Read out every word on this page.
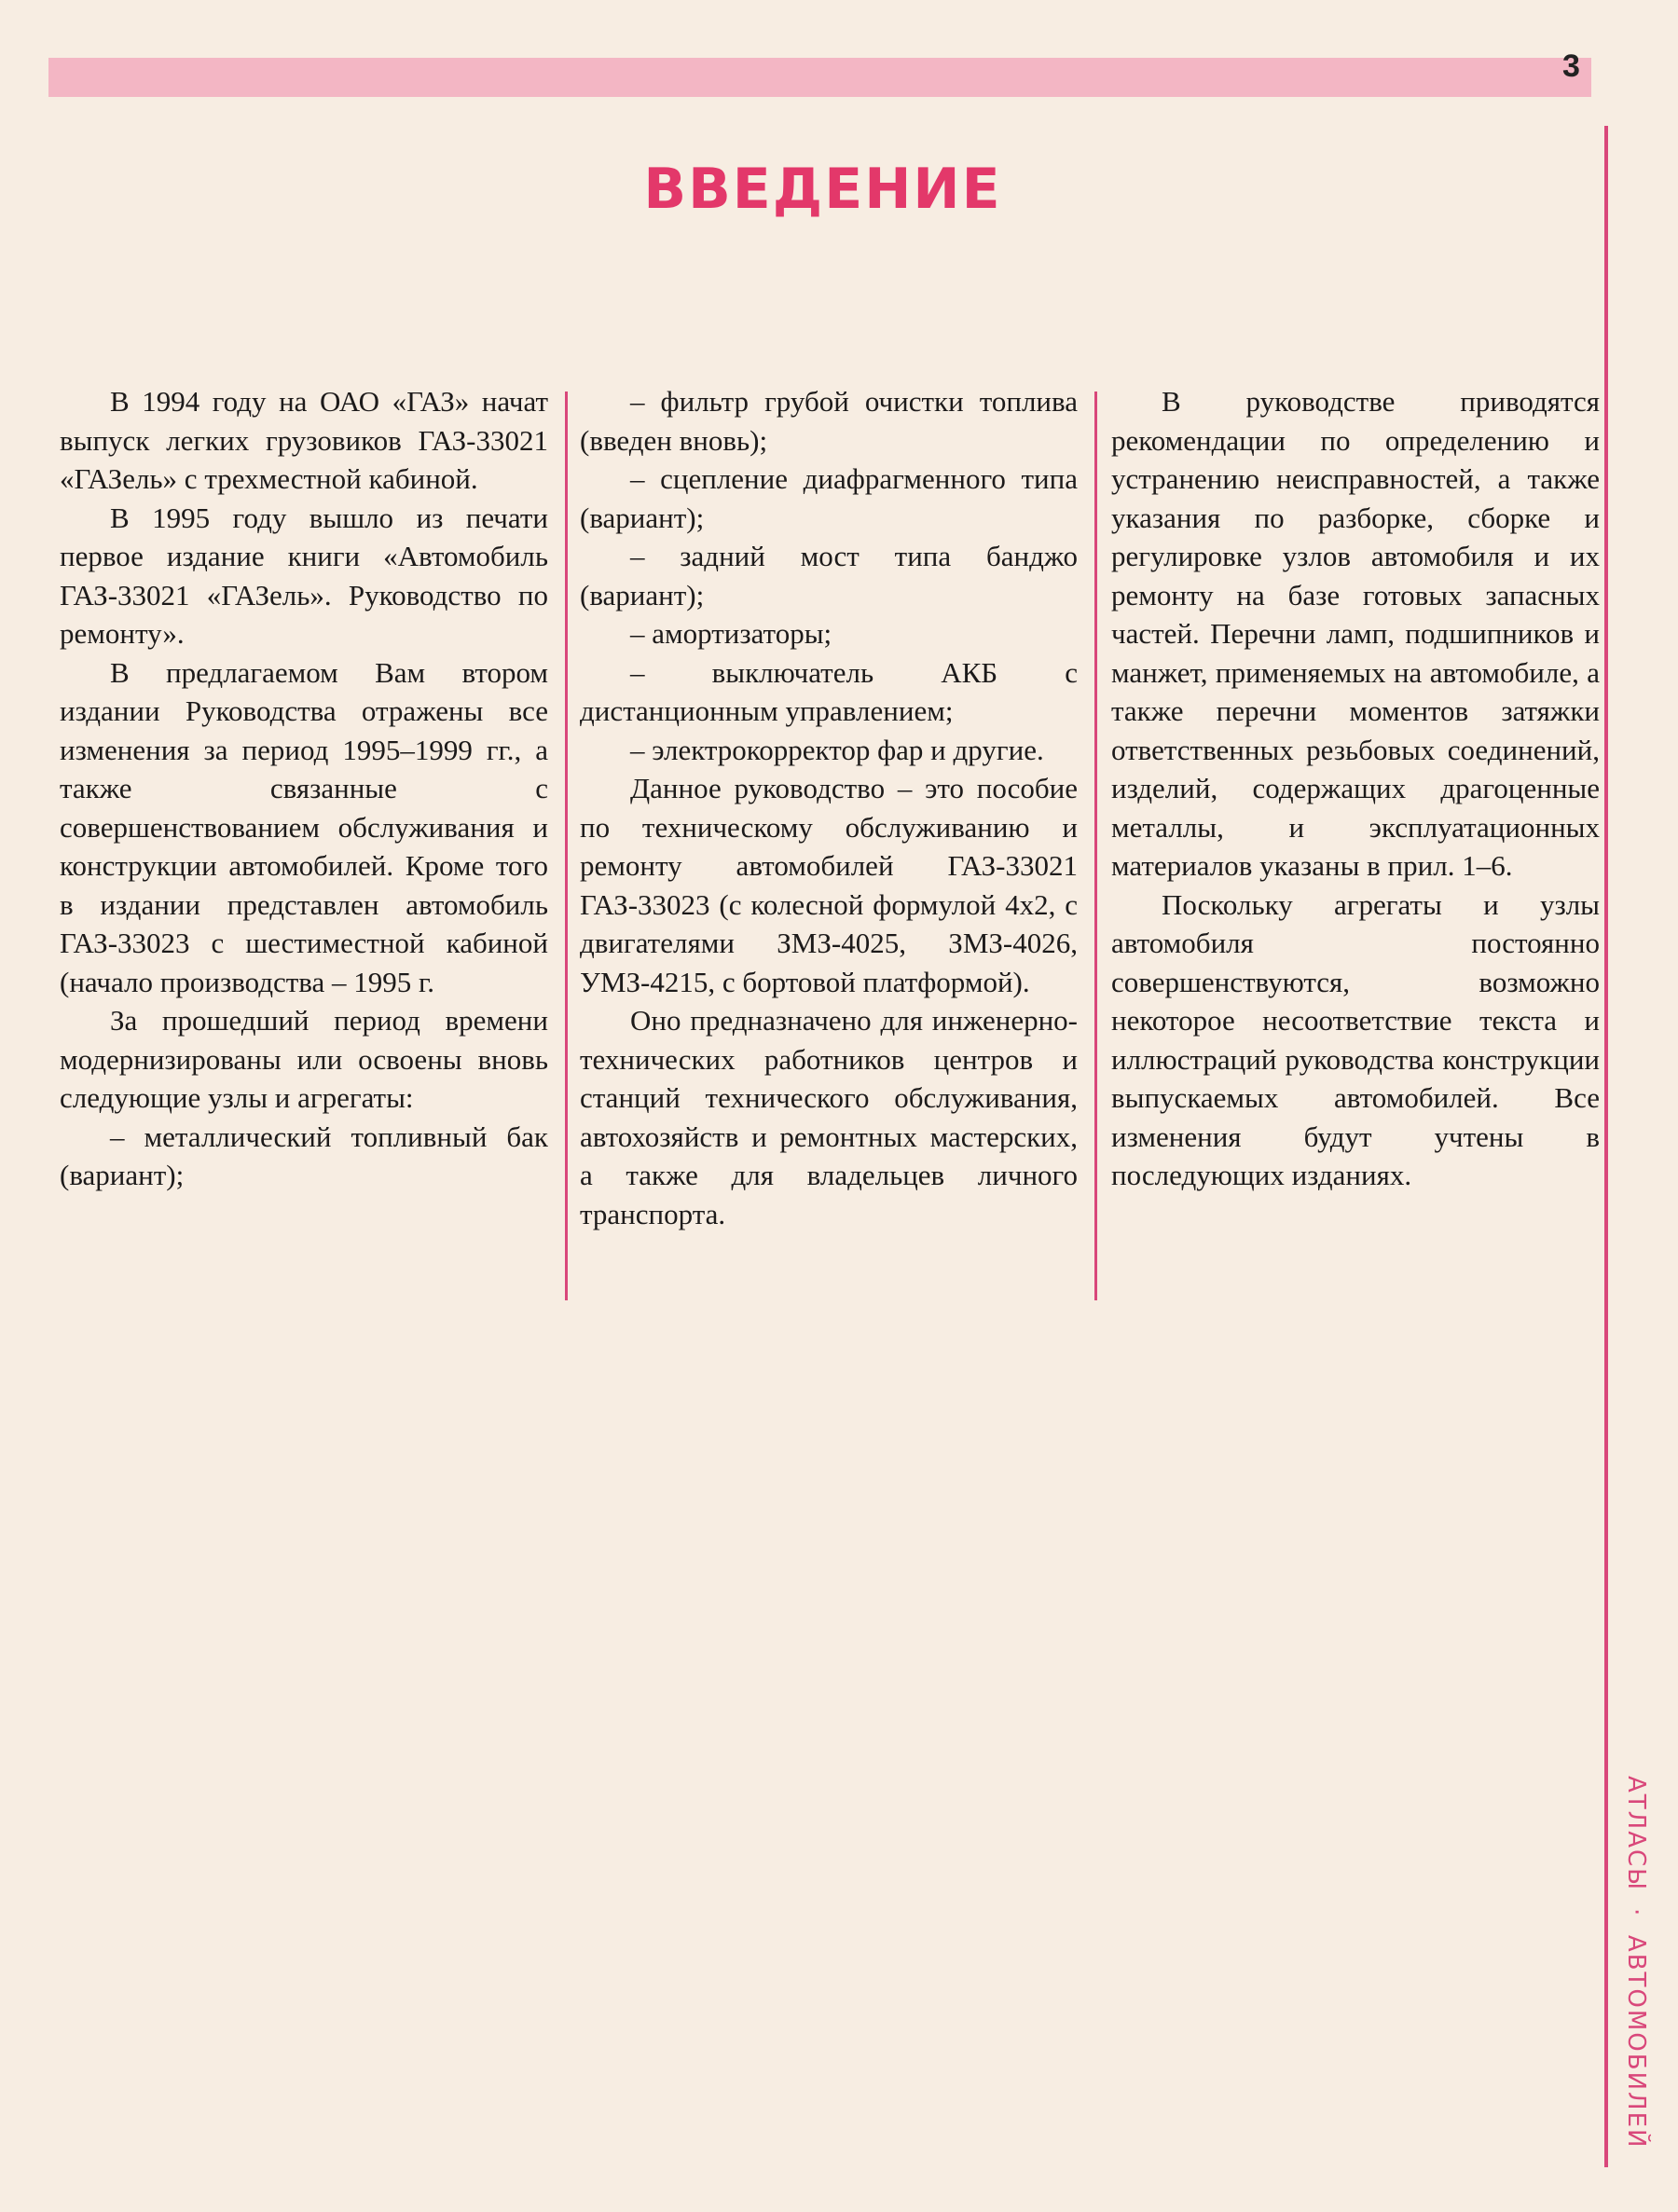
3
ВВЕДЕНИЕ

В 1994 году на ОАО «ГАЗ» начат выпуск легких грузовиков ГАЗ-33021 «ГАЗель» с трехместной кабиной.

В 1995 году вышло из печати первое издание книги «Автомобиль ГАЗ-33021 «ГАЗель». Руководство по ремонту».

В предлагаемом Вам втором издании Руководства отражены все изменения за период 1995–1999 гг., а также связанные с совершенствованием обслуживания и конструкции автомобилей. Кроме того в издании представлен автомобиль ГАЗ-33023 с шестиместной кабиной (начало производства – 1995 г.

За прошедший период времени модернизированы или освоены вновь следующие узлы и агрегаты:

– металлический топливный бак (вариант);

– фильтр грубой очистки топлива (введен вновь);

– сцепление диафрагменного типа (вариант);

– задний мост типа банджо (вариант);

– амортизаторы;

– выключатель АКБ с дистанционным управлением;

– электрокорректор фар и другие.

Данное руководство – это пособие по техническому обслуживанию и ремонту автомобилей ГАЗ-33021 ГАЗ-33023 (с колесной формулой 4х2, с двигателями ЗМЗ-4025, ЗМЗ-4026, УМЗ-4215, с бортовой платформой).

Оно предназначено для инженерно-технических работников центров и станций технического обслуживания, автохозяйств и ремонтных мастерских, а также для владельцев личного транспорта.

В руководстве приводятся рекомендации по определению и устранению неисправностей, а также указания по разборке, сборке и регулировке узлов автомобиля и их ремонту на базе готовых запасных частей. Перечни ламп, подшипников и манжет, применяемых на автомобиле, а также перечни моментов затяжки ответственных резьбовых соединений, изделий, содержащих драгоценные металлы, и эксплуатационных материалов указаны в прил. 1–6.

Поскольку агрегаты и узлы автомобиля постоянно совершенствуются, возможно некоторое несоответствие текста и иллюстраций руководства конструкции выпускаемых автомобилей. Все изменения будут учтены в последующих изданиях.

АТЛАСЫ · АВТОМОБИЛЕЙ
